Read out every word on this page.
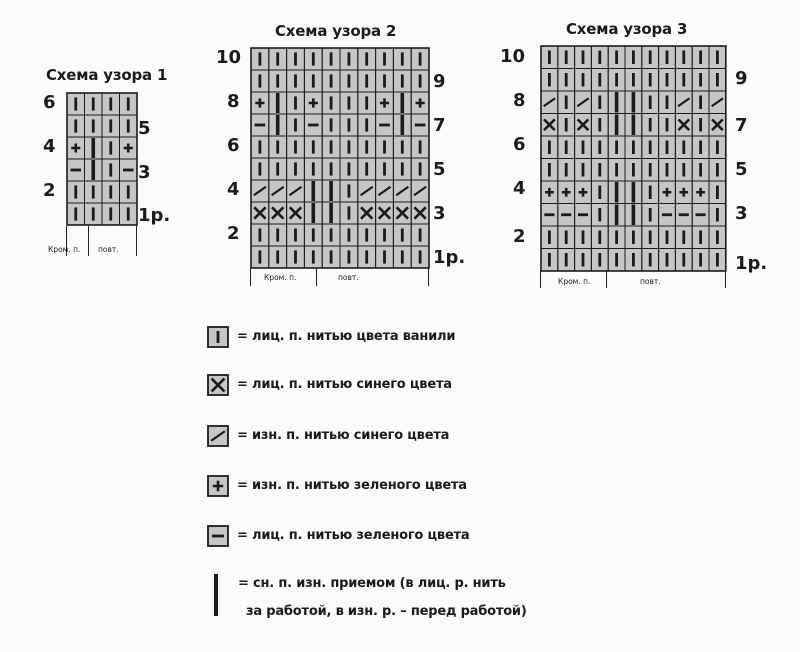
Схема узора 1
6
4
2
5
3
1р.
Кром. п. повт.
Схема узора 2
10
8
6
4
2
9
7
5
3
1р.
Кром. п.	повт.
Схема узора 3
10
8
6
4
2
9
7
5
3
1р.
Кром. п.	повт.
= лиц. п. нитью цвета ванили
= лиц. п. нитью синего цвета
= изн. п. нитью синего цвета
= изн. п. нитью зеленого цвета
= лиц. п. нитью зеленого цвета
= сн. п. изн. приемом (в лиц. р. нить
за работой, в изн. р. – перед работой)
